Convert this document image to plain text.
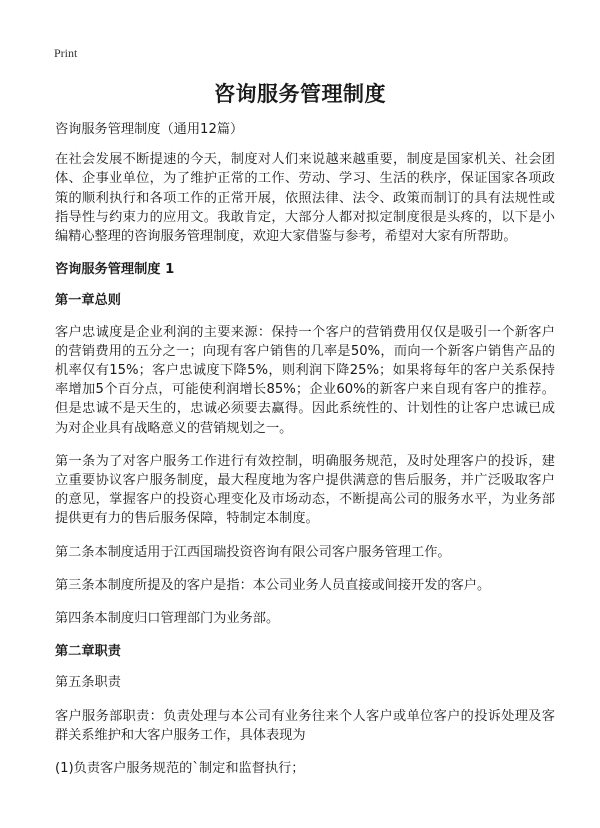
Print
咨询服务管理制度

咨询服务管理制度（通用12篇）

在社会发展不断提速的今天，制度对人们来说越来越重要，制度是国家机关、社会团体、企事业单位，为了维护正常的工作、劳动、学习、生活的秩序，保证国家各项政策的顺利执行和各项工作的正常开展，依照法律、法令、政策而制订的具有法规性或指导性与约束力的应用文。我敢肯定，大部分人都对拟定制度很是头疼的，以下是小编精心整理的咨询服务管理制度，欢迎大家借鉴与参考，希望对大家有所帮助。

咨询服务管理制度 1

第一章总则

客户忠诚度是企业利润的主要来源：保持一个客户的营销费用仅仅是吸引一个新客户的营销费用的五分之一；向现有客户销售的几率是50%，而向一个新客户销售产品的机率仅有15%；客户忠诚度下降5%，则利润下降25%；如果将每年的客户关系保持率增加5个百分点，可能使利润增长85%；企业60%的新客户来自现有客户的推荐。但是忠诚不是天生的，忠诚必须要去赢得。因此系统性的、计划性的让客户忠诚已成为对企业具有战略意义的营销规划之一。

第一条为了对客户服务工作进行有效控制，明确服务规范，及时处理客户的投诉，建立重要协议客户服务制度，最大程度地为客户提供满意的售后服务，并广泛吸取客户的意见，掌握客户的投资心理变化及市场动态，不断提高公司的服务水平，为业务部提供更有力的售后服务保障，特制定本制度。

第二条本制度适用于江西国瑞投资咨询有限公司客户服务管理工作。

第三条本制度所提及的客户是指：本公司业务人员直接或间接开发的客户。

第四条本制度归口管理部门为业务部。

第二章职责

第五条职责

客户服务部职责：负责处理与本公司有业务往来个人客户或单位客户的投诉处理及客群关系维护和大客户服务工作，具体表现为

(1)负责客户服务规范的`制定和监督执行；
